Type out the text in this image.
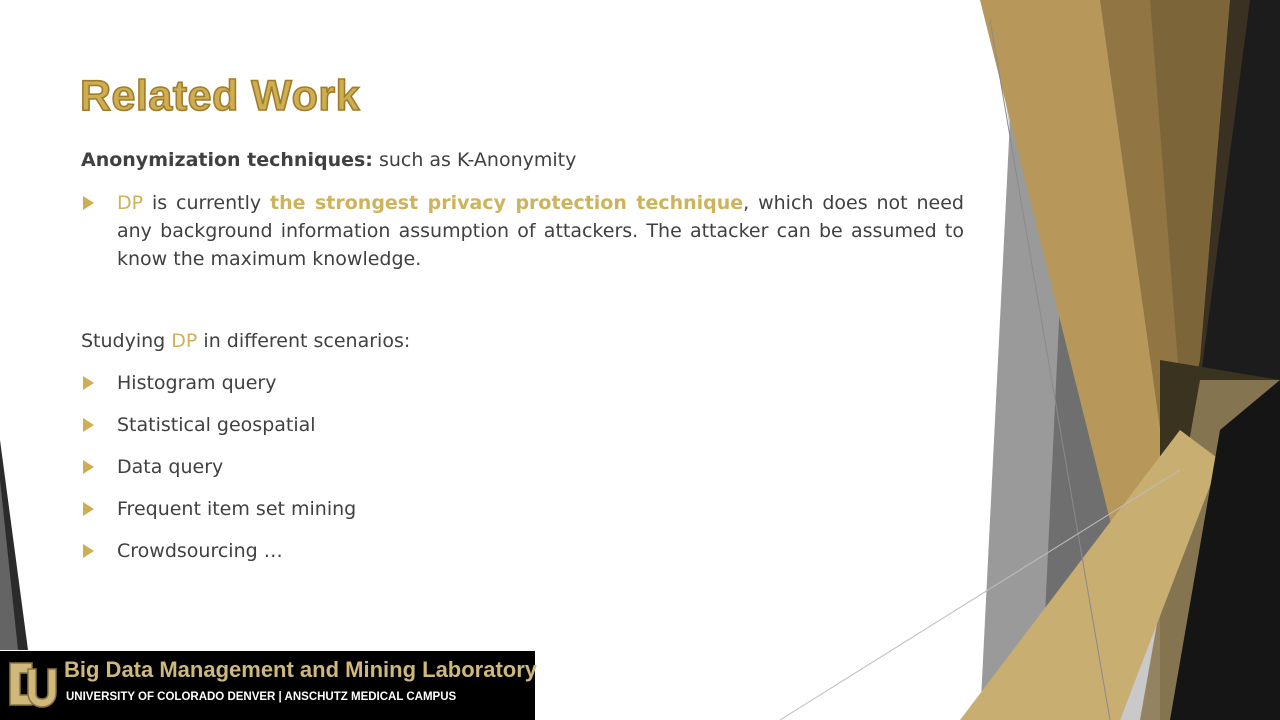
Related Work

Anonymization techniques: such as K-Anonymity

DP is currently the strongest privacy protection technique, which does not need any background information assumption of attackers. The attacker can be assumed to know the maximum knowledge.

Studying DP in different scenarios:

Histogram query

Statistical geospatial

Data query

Frequent item set mining

Crowdsourcing …

Big Data Management and Mining Laboratory

UNIVERSITY OF COLORADO DENVER | ANSCHUTZ MEDICAL CAMPUS
